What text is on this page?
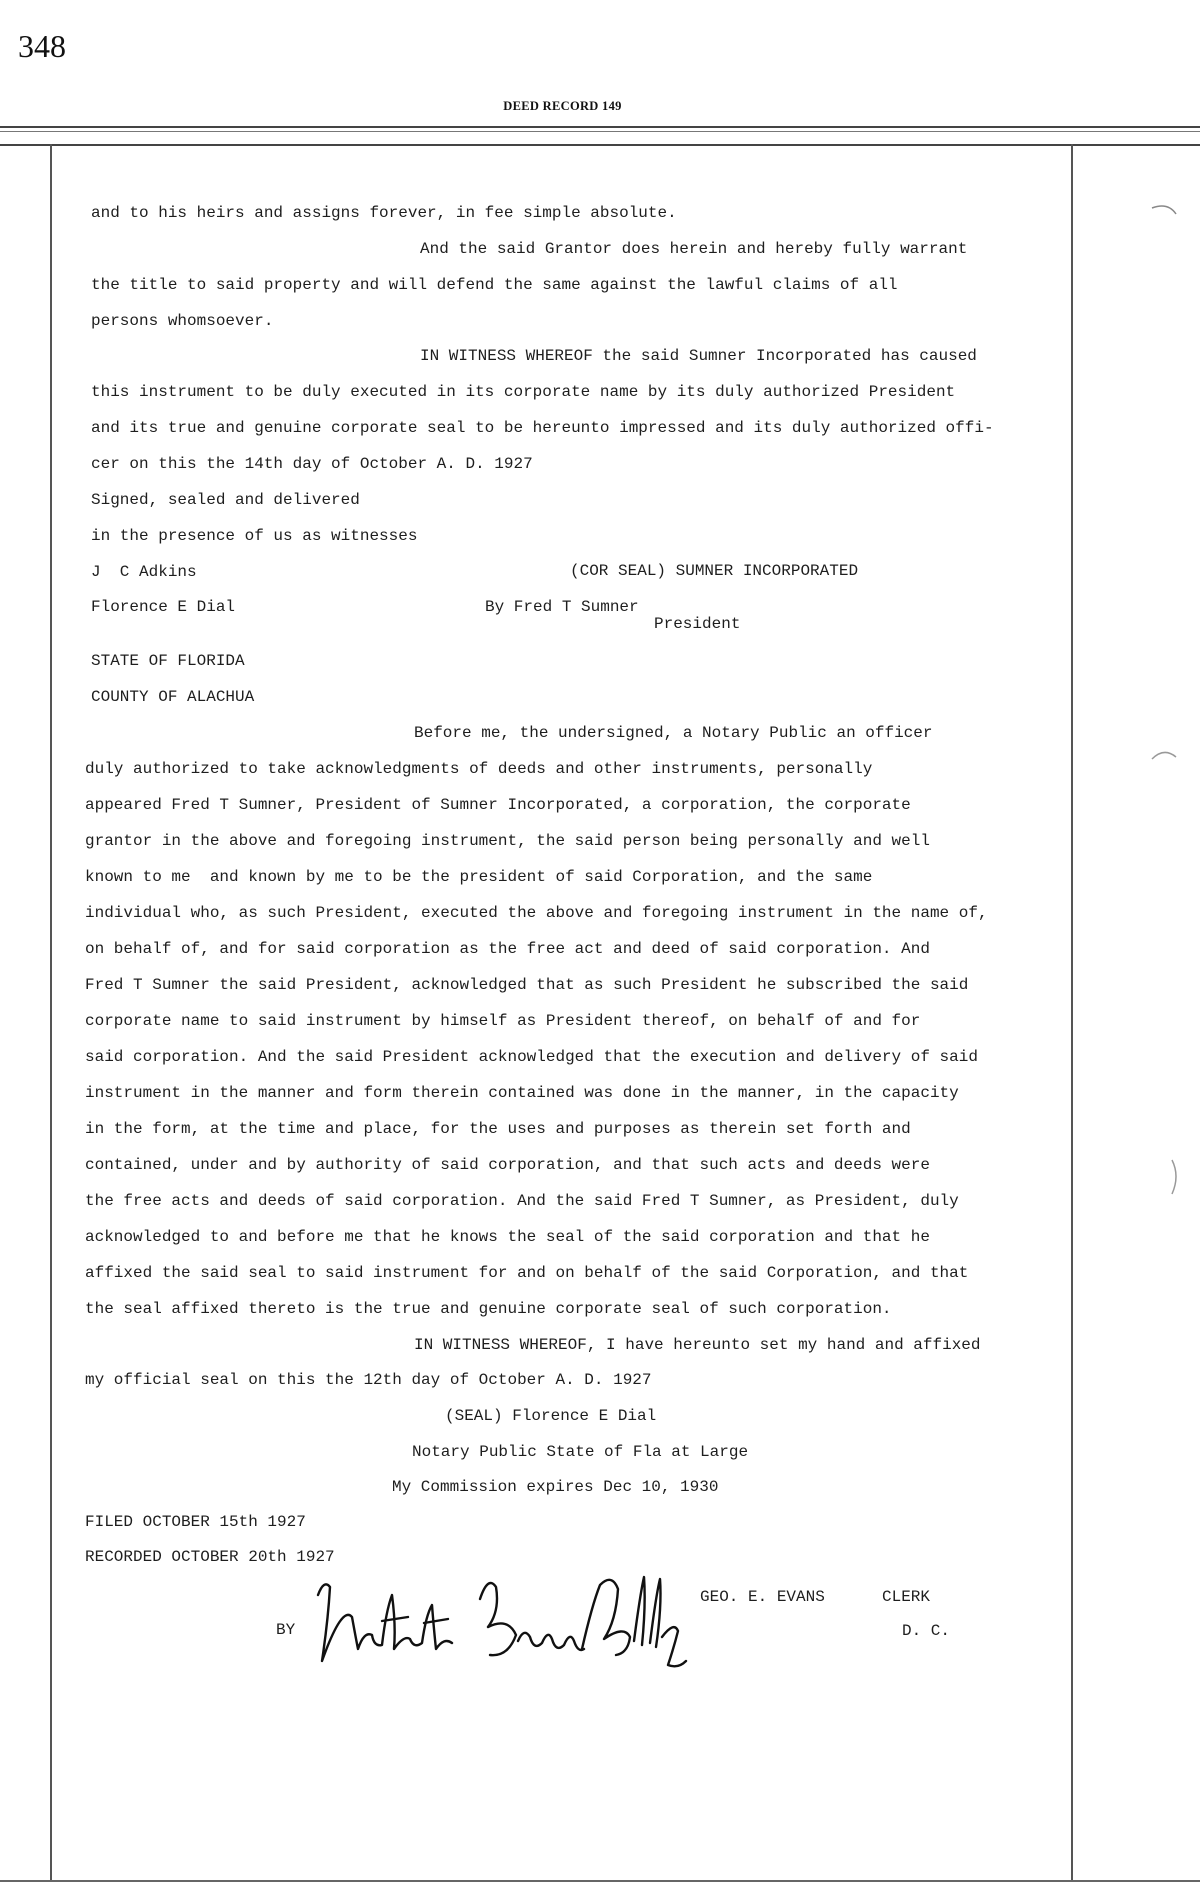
348
DEED RECORD 149
and to his heirs and assigns forever, in fee simple absolute.
And the said Grantor does herein and hereby fully warrant
the title to said property and will defend the same against the lawful claims of all
persons whomsoever.
IN WITNESS WHEREOF the said Sumner Incorporated has caused
this instrument to be duly executed in its corporate name by its duly authorized President
and its true and genuine corporate seal to be hereunto impressed and its duly authorized offi-
cer on this the 14th day of October A. D. 1927
Signed, sealed and delivered
in the presence of us as witnesses
J  C Adkins	(COR SEAL) SUMNER INCORPORATED
Florence E Dial	By Fred T Sumner
President
STATE OF FLORIDA
COUNTY OF ALACHUA
Before me, the undersigned, a Notary Public an officer
duly authorized to take acknowledgments of deeds and other instruments, personally
appeared Fred T Sumner, President of Sumner Incorporated, a corporation, the corporate
grantor in the above and foregoing instrument, the said person being personally and well
known to me  and known by me to be the president of said Corporation, and the same
individual who, as such President, executed the above and foregoing instrument in the name of,
on behalf of, and for said corporation as the free act and deed of said corporation. And
Fred T Sumner the said President, acknowledged that as such President he subscribed the said
corporate name to said instrument by himself as President thereof, on behalf of and for
said corporation. And the said President acknowledged that the execution and delivery of said
instrument in the manner and form therein contained was done in the manner, in the capacity
in the form, at the time and place, for the uses and purposes as therein set forth and
contained, under and by authority of said corporation, and that such acts and deeds were
the free acts and deeds of said corporation. And the said Fred T Sumner, as President, duly
acknowledged to and before me that he knows the seal of the said corporation and that he
affixed the said seal to said instrument for and on behalf of the said Corporation, and that
the seal affixed thereto is the true and genuine corporate seal of such corporation.
IN WITNESS WHEREOF, I have hereunto set my hand and affixed
my official seal on this the 12th day of October A. D. 1927
(SEAL) Florence E Dial
Notary Public State of Fla at Large
My Commission expires Dec 10, 1930
FILED OCTOBER 15th 1927
RECORDED OCTOBER 20th 1927
BY
GEO. E. EVANS	CLERK
D. C.
